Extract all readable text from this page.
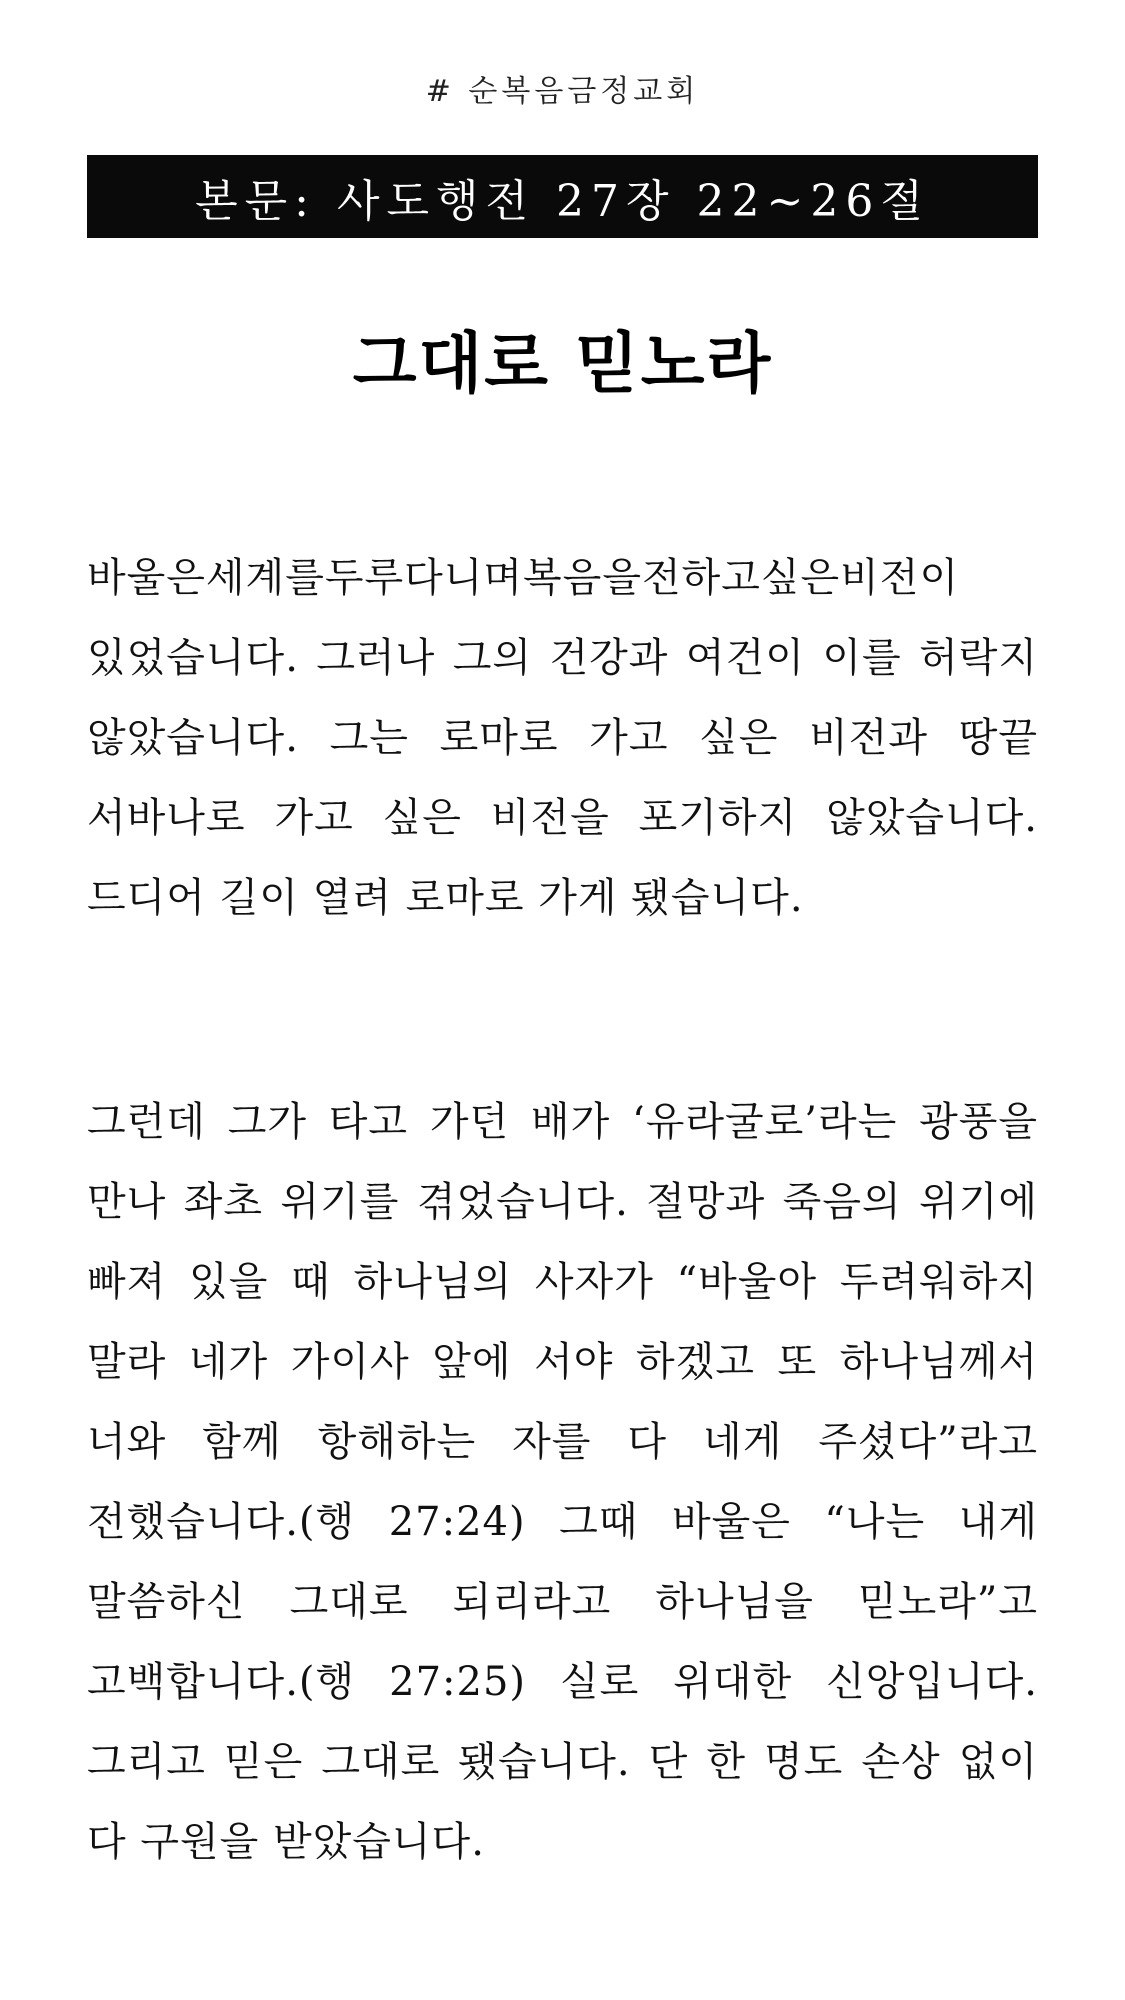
# 순복음금정교회
본문: 사도행전 27장 22~26절
그대로 믿노라
바울은세계를두루다니며복음을전하고싶은비전이
있었습니다. 그러나 그의 건강과 여건이 이를 허락지
않았습니다. 그는 로마로 가고 싶은 비전과 땅끝
서바나로 가고 싶은 비전을 포기하지 않았습니다.
드디어 길이 열려 로마로 가게 됐습니다.
그런데 그가 타고 가던 배가 ‘유라굴로’라는 광풍을
만나 좌초 위기를 겪었습니다. 절망과 죽음의 위기에
빠져 있을 때 하나님의 사자가 “바울아 두려워하지
말라 네가 가이사 앞에 서야 하겠고 또 하나님께서
너와 함께 항해하는 자를 다 네게 주셨다”라고
전했습니다.(행 27:24) 그때 바울은 “나는 내게
말씀하신 그대로 되리라고 하나님을 믿노라”고
고백합니다.(행 27:25) 실로 위대한 신앙입니다.
그리고 믿은 그대로 됐습니다. 단 한 명도 손상 없이
다 구원을 받았습니다.
